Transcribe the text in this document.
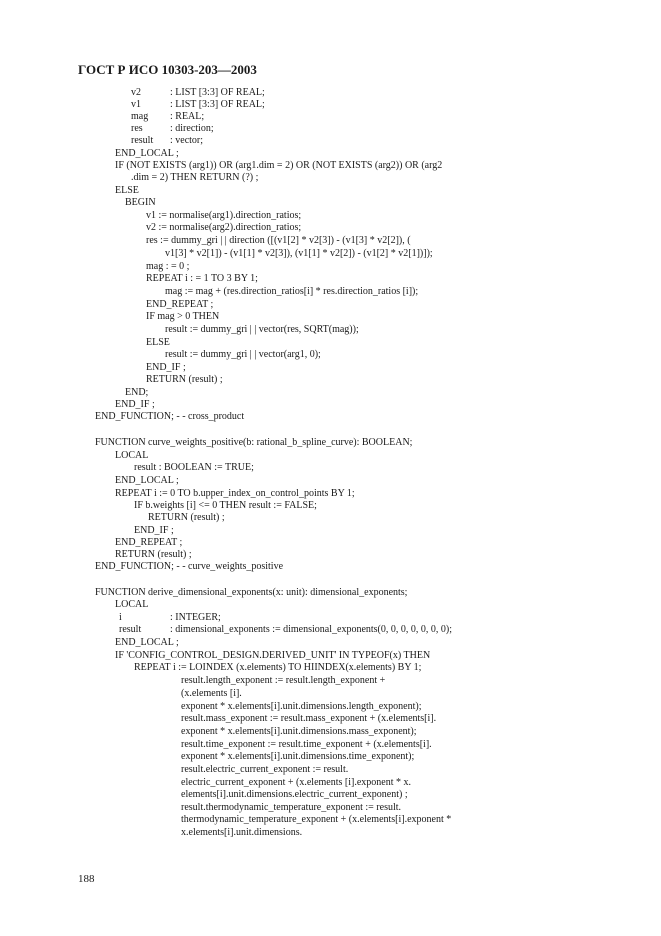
ГОСТ Р ИСО 10303-203—2003
v2	: LIST [3:3] OF REAL;
v1	: LIST [3:3] OF REAL;
mag : REAL;
res	: direction;
result : vector;
END_LOCAL ;
IF (NOT EXISTS (arg1)) OR (arg1.dim = 2) OR (NOT EXISTS (arg2)) OR (arg2
.dim = 2) THEN RETURN (?) ;
ELSE
BEGIN
v1 := normalise(arg1).direction_ratios;
v2 := normalise(arg2).direction_ratios;
res := dummy_gri | | direction ([(v1[2] * v2[3]) - (v1[3] * v2[2]), (
v1[3] * v2[1]) - (v1[1] * v2[3]), (v1[1] * v2[2]) - (v1[2] * v2[1])]);
mag : = 0 ;
REPEAT i : = 1 TO 3 BY 1;
mag := mag + (res.direction_ratios[i] * res.direction_ratios [i]);
END_REPEAT ;
IF mag > 0 THEN
result := dummy_gri | | vector(res, SQRT(mag));
ELSE
result := dummy_gri | | vector(arg1, 0);
END_IF ;
RETURN (result) ;
END;
END_IF ;
END_FUNCTION; - - cross_product
FUNCTION curve_weights_positive(b: rational_b_spline_curve): BOOLEAN;
LOCAL
result : BOOLEAN := TRUE;
END_LOCAL ;
REPEAT i := 0 TO b.upper_index_on_control_points BY 1;
IF b.weights [i] <= 0 THEN result := FALSE;
RETURN (result) ;
END_IF ;
END_REPEAT ;
RETURN (result) ;
END_FUNCTION; - - curve_weights_positive
FUNCTION derive_dimensional_exponents(x: unit): dimensional_exponents;
LOCAL
i	: INTEGER;
result	: dimensional_exponents := dimensional_exponents(0, 0, 0, 0, 0, 0, 0);
END_LOCAL ;
IF 'CONFIG_CONTROL_DESIGN.DERIVED_UNIT' IN TYPEOF(x) THEN
REPEAT i := LOINDEX (x.elements) TO HIINDEX(x.elements) BY 1;
result.length_exponent := result.length_exponent +
(x.elements [i].
exponent * x.elements[i].unit.dimensions.length_exponent);
result.mass_exponent := result.mass_exponent + (x.elements[i].
exponent * x.elements[i].unit.dimensions.mass_exponent);
result.time_exponent := result.time_exponent + (x.elements[i].
exponent * x.elements[i].unit.dimensions.time_exponent);
result.electric_current_exponent := result.
electric_current_exponent + (x.elements [i].exponent * x.
elements[i].unit.dimensions.electric_current_exponent) ;
result.thermodynamic_temperature_exponent := result.
thermodynamic_temperature_exponent + (x.elements[i].exponent *
x.elements[i].unit.dimensions.
188
